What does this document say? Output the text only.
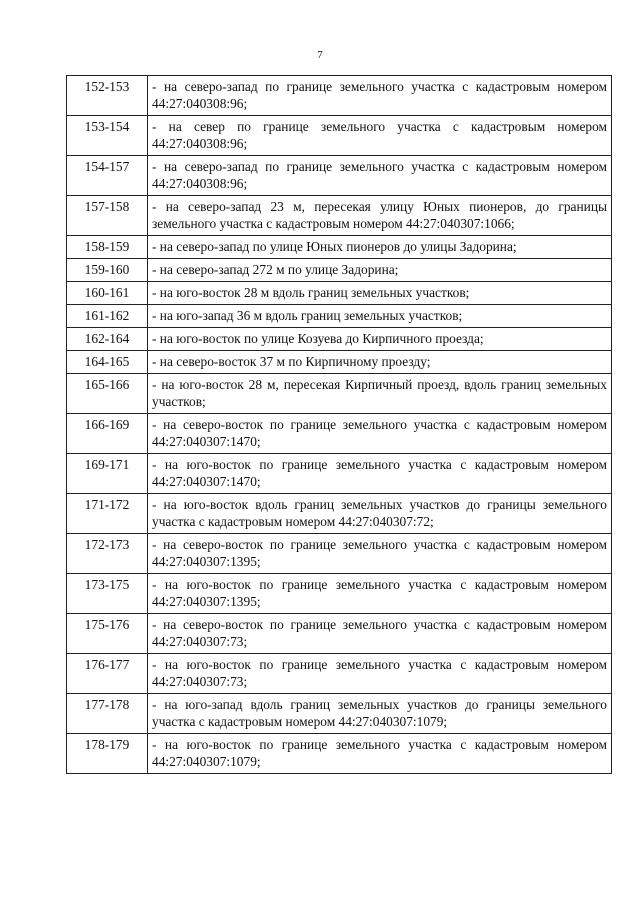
7
152-153	- на северо-запад по границе земельного участка с кадастровым номером 44:27:040308:96;
153-154	- на север по границе земельного участка с кадастровым номером 44:27:040308:96;
154-157	- на северо-запад по границе земельного участка с кадастровым номером 44:27:040308:96;
157-158	- на северо-запад 23 м, пересекая улицу Юных пионеров, до границы земельного участка с кадастровым номером 44:27:040307:1066;
158-159	- на северо-запад по улице Юных пионеров до улицы Задорина;
159-160	- на северо-запад 272 м по улице Задорина;
160-161	- на юго-восток 28 м вдоль границ земельных участков;
161-162	- на юго-запад 36 м вдоль границ земельных участков;
162-164	- на юго-восток по улице Козуева до Кирпичного проезда;
164-165	- на северо-восток 37 м по Кирпичному проезду;
165-166	- на юго-восток 28 м, пересекая Кирпичный проезд, вдоль границ земельных участков;
166-169	- на северо-восток по границе земельного участка с кадастровым номером 44:27:040307:1470;
169-171	- на юго-восток по границе земельного участка с кадастровым номером 44:27:040307:1470;
171-172	- на юго-восток вдоль границ земельных участков до границы земельного участка с кадастровым номером 44:27:040307:72;
172-173	- на северо-восток по границе земельного участка с кадастровым номером 44:27:040307:1395;
173-175	- на юго-восток по границе земельного участка с кадастровым номером 44:27:040307:1395;
175-176	- на северо-восток по границе земельного участка с кадастровым номером 44:27:040307:73;
176-177	- на юго-восток по границе земельного участка с кадастровым номером 44:27:040307:73;
177-178	- на юго-запад вдоль границ земельных участков до границы земельного участка с кадастровым номером 44:27:040307:1079;
178-179	- на юго-восток по границе земельного участка с кадастровым номером 44:27:040307:1079;
